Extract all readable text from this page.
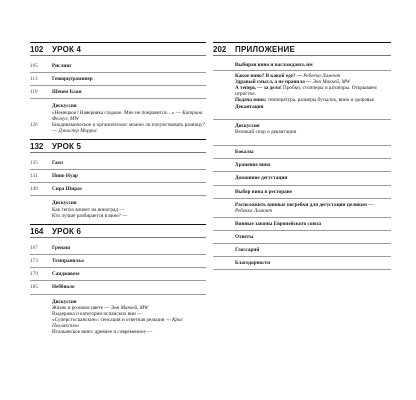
102	УРОК 4
105	Рислинг
113	Гевюрцтраминер
119	Шенен Блан
Дискуссия
«Немецкое? Наверняка сладкое. Мне не понравится…» — Катрина Фелоуз, MW
126	Биодинамическое и органическое: можно ли почувствовать разницу? — Джаспер Моррис
132	УРОК 5
135	Гамэ
141	Пино Нуар
149	Сира Шираз
Дискуссия
Как тепло влияет на виноград —
Кто лучше разбирается в вине? —
164	УРОК 6
167	Гренаш
173	Темпранильо
179	Санджовезе
185	Неббиоло
Дискуссия
Жизнь в розовом цвете — Энн Маккей, MW
Выдержка и категории испанских вин —
«Суперстосканские»: сенсация и ответная реакция — Крис Поллакстон
Итальянское вино: древнее и современное —
202	ПРИЛОЖЕНИЕ
Выбирая вино и наслаждаясь им
Какое вино? В какой еде? — Ребекка Ламонт
Здравый смысл, а не правила — Энн Маккей, MW
А теперь — за дело! Пробки, стопперы и штопоры. Открываем игристое.
Подача вина: температура, размеры бутылок, вино и здоровье
Декантация
Дискуссия
Великий спор о декантации
Бокалы
Хранение вина
Домашние дегустации
Выбор вина в ресторане
Расположить винные погребки для дегустации целиком — Ребекка Ламонт
Винные законы Европейского союза
Ответы
Глоссарий
Благодарности
